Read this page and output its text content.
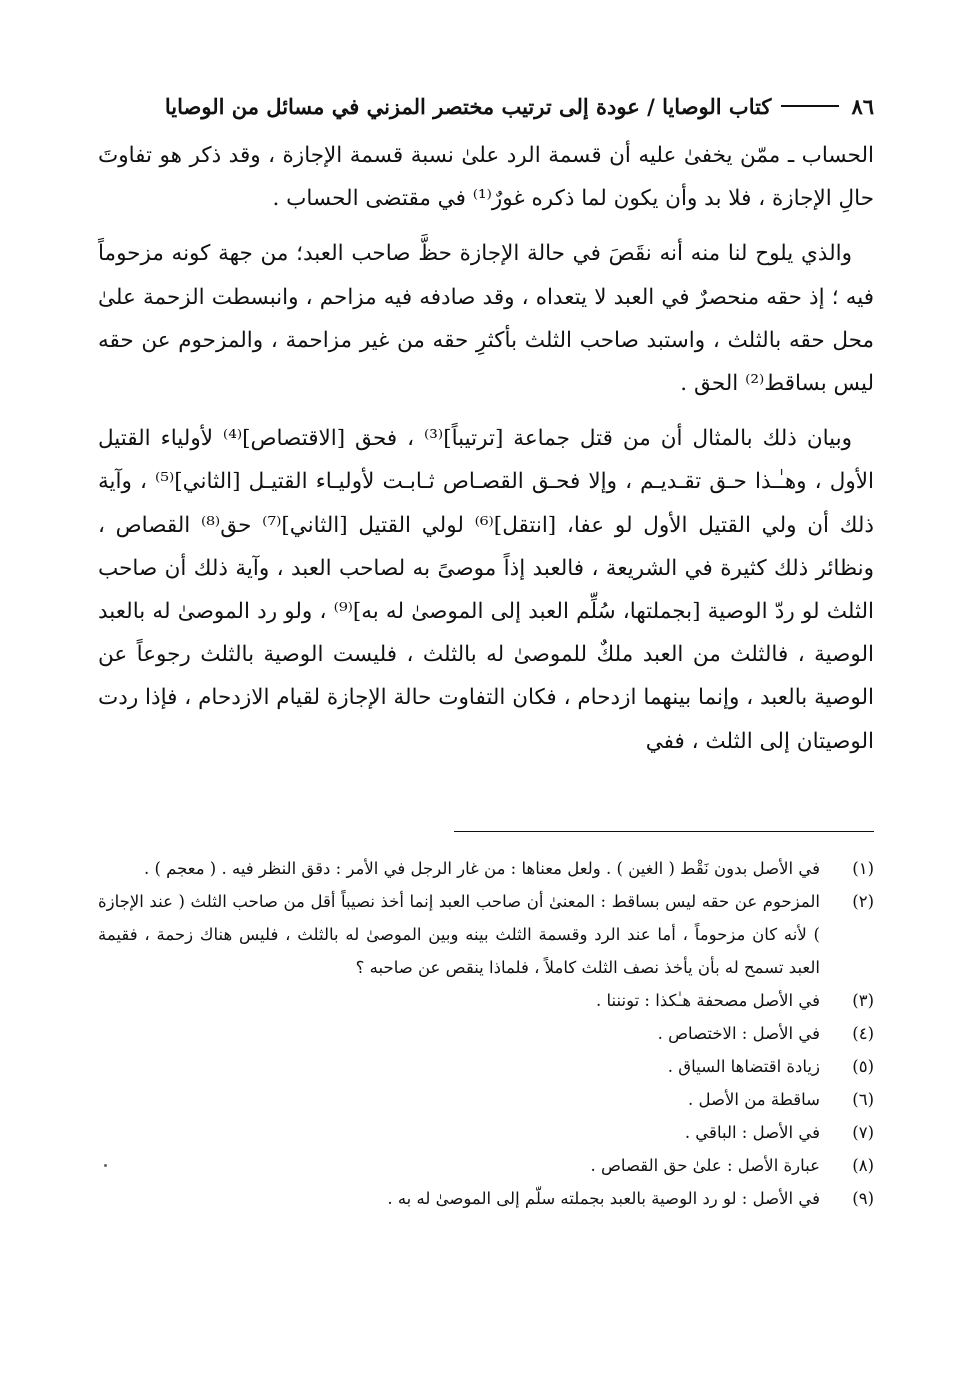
٨٦
كتاب الوصايا / عودة إلى ترتيب مختصر المزني في مسائل من الوصايا

الحساب ـ ممّن يخفىٰ عليه أن قسمة الرد علىٰ نسبة قسمة الإجازة ، وقد ذكر هو تفاوتَ حالِ الإجازة ، فلا بد وأن يكون لما ذكره غورٌ⁽¹⁾ في مقتضى الحساب .

والذي يلوح لنا منه أنه نقَصَ في حالة الإجازة حظَّ صاحب العبد؛ من جهة كونه مزحوماً فيه ؛ إذ حقه منحصرٌ في العبد لا يتعداه ، وقد صادفه فيه مزاحم ، وانبسطت الزحمة علىٰ محل حقه بالثلث ، واستبد صاحب الثلث بأكثرِ حقه من غير مزاحمة ، والمزحوم عن حقه ليس بساقط⁽²⁾ الحق .

وبيان ذلك بالمثال أن من قتل جماعة [ترتيباً]⁽³⁾ ، فحق [الاقتصاص]⁽⁴⁾ لأولياء القتيل الأول ، وهـٰـذا حـق تقـديـم ، وإلا فحـق القصـاص ثـابـت لأوليـاء القتيـل [الثاني]⁽⁵⁾ ، وآية ذلك أن ولي القتيل الأول لو عفا، [انتقل]⁽⁶⁾ لولي القتيل [الثاني]⁽⁷⁾ حق⁽⁸⁾ القصاص ، ونظائر ذلك كثيرة في الشريعة ، فالعبد إذاً موصىً به لصاحب العبد ، وآية ذلك أن صاحب الثلث لو ردّ الوصية [بجملتها، سُلِّم العبد إلى الموصىٰ له به]⁽⁹⁾ ، ولو رد الموصىٰ له بالعبد الوصية ، فالثلث من العبد ملكٌ للموصىٰ له بالثلث ، فليست الوصية بالثلث رجوعاً عن الوصية بالعبد ، وإنما بينهما ازدحام ، فكان التفاوت حالة الإجازة لقيام الازدحام ، فإذا ردت الوصيتان إلى الثلث ، ففي

(١)
في الأصل بدون نَقْط ( الغين ) . ولعل معناها : من غار الرجل في الأمر : دقق النظر فيه . ( معجم ) .
(٢)
المزحوم عن حقه ليس بساقط : المعنىٰ أن صاحب العبد إنما أخذ نصيباً أقل من صاحب الثلث ( عند الإجازة ) لأنه كان مزحوماً ، أما عند الرد وقسمة الثلث بينه وبين الموصىٰ له بالثلث ، فليس هناك زحمة ، فقيمة العبد تسمح له بأن يأخذ نصف الثلث كاملاً ، فلماذا ينقص عن صاحبه ؟
(٣)
في الأصل مصحفة هـٰكذا : تونننا .
(٤)
في الأصل : الاختصاص .
(٥)
زيادة اقتضاها السياق .
(٦)
ساقطة من الأصل .
(٧)
في الأصل : الباقي .
(٨)
عبارة الأصل : علىٰ حق القصاص .
(٩)
في الأصل : لو رد الوصية بالعبد بجملته سلّم إلى الموصىٰ له به .
